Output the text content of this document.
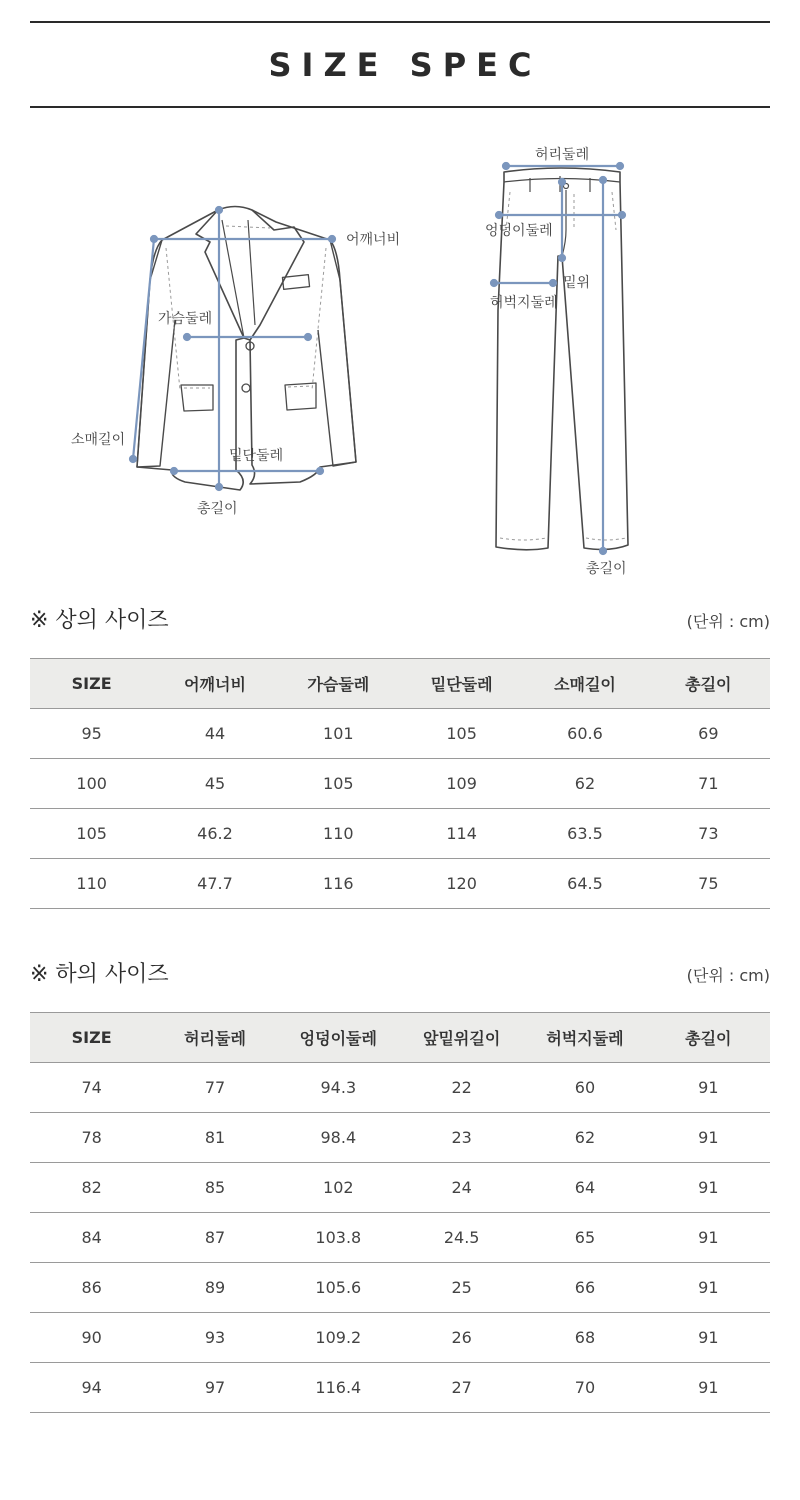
SIZE SPEC
어깨너비
가슴둘레
소매길이
밑단둘레
총길이
허리둘레
엉덩이둘레
밑위
허벅지둘레
총길이
※ 상의 사이즈	(단위 : cm)
SIZE	어깨너비	가슴둘레	밑단둘레	소매길이	총길이
95	44	101	105	60.6	69
100	45	105	109	62	71
105	46.2	110	114	63.5	73
110	47.7	116	120	64.5	75
※ 하의 사이즈	(단위 : cm)
SIZE	허리둘레	엉덩이둘레	앞밑위길이	허벅지둘레	총길이
74	77	94.3	22	60	91
78	81	98.4	23	62	91
82	85	102	24	64	91
84	87	103.8	24.5	65	91
86	89	105.6	25	66	91
90	93	109.2	26	68	91
94	97	116.4	27	70	91
